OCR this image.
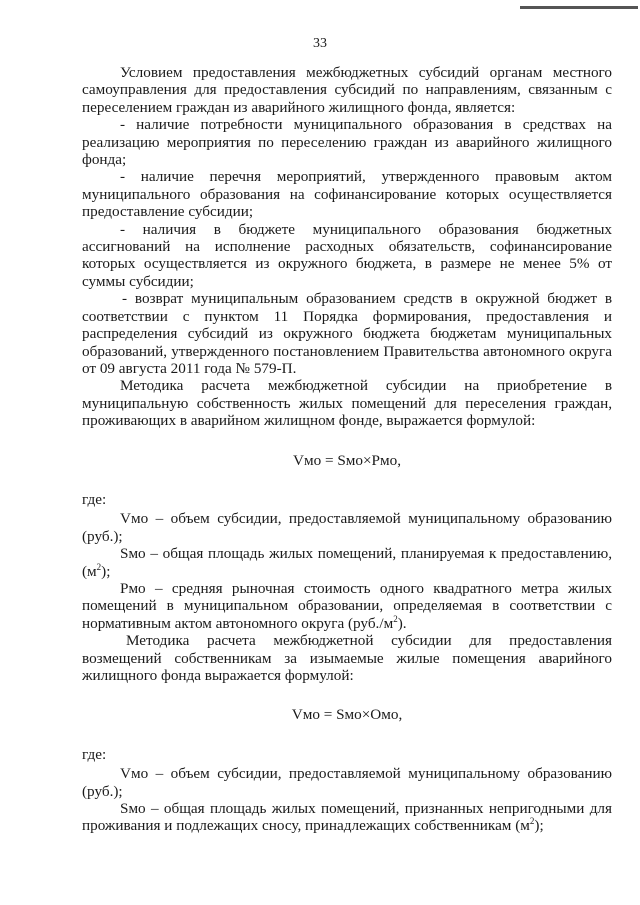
33

Условием предоставления межбюджетных субсидий органам местного самоуправления для предоставления субсидий по направлениям, связанным с переселением граждан из аварийного жилищного фонда, является:

- наличие потребности муниципального образования в средствах на реализацию мероприятия по переселению граждан из аварийного жилищного фонда;

- наличие перечня мероприятий, утвержденного правовым актом муниципального образования на софинансирование которых осуществляется предоставление субсидии;

- наличия в бюджете муниципального образования бюджетных ассигнований на исполнение расходных обязательств, софинансирование которых осуществляется из окружного бюджета, в размере не менее 5% от суммы субсидии;

- возврат муниципальным образованием средств в окружной бюджет в соответствии с пунктом 11 Порядка формирования, предоставления и распределения субсидий из окружного бюджета бюджетам муниципальных образований, утвержденного постановлением Правительства автономного округа от 09 августа 2011 года № 579-П.

Методика расчета межбюджетной субсидии на приобретение в муниципальную собственность жилых помещений для переселения граждан, проживающих в аварийном жилищном фонде, выражается формулой:

Vмо = Sмо×Pмо,

где:

Vмо – объем субсидии, предоставляемой муниципальному образованию (руб.);

Sмо – общая площадь жилых помещений, планируемая к предоставлению, $(м^2)$;

Pмо – средняя рыночная стоимость одного квадратного метра жилых помещений в муниципальном образовании, определяемая в соответствии с нормативным актом автономного округа $(руб./м^2)$.

Методика расчета межбюджетной субсидии для предоставления возмещений собственникам за изымаемые жилые помещения аварийного жилищного фонда выражается формулой:

Vмо = Sмо×Oмо,

где:

Vмо – объем субсидии, предоставляемой муниципальному образованию (руб.);

Sмо – общая площадь жилых помещений, признанных непригодными для проживания и подлежащих сносу, принадлежащих собственникам $(м^2)$;
